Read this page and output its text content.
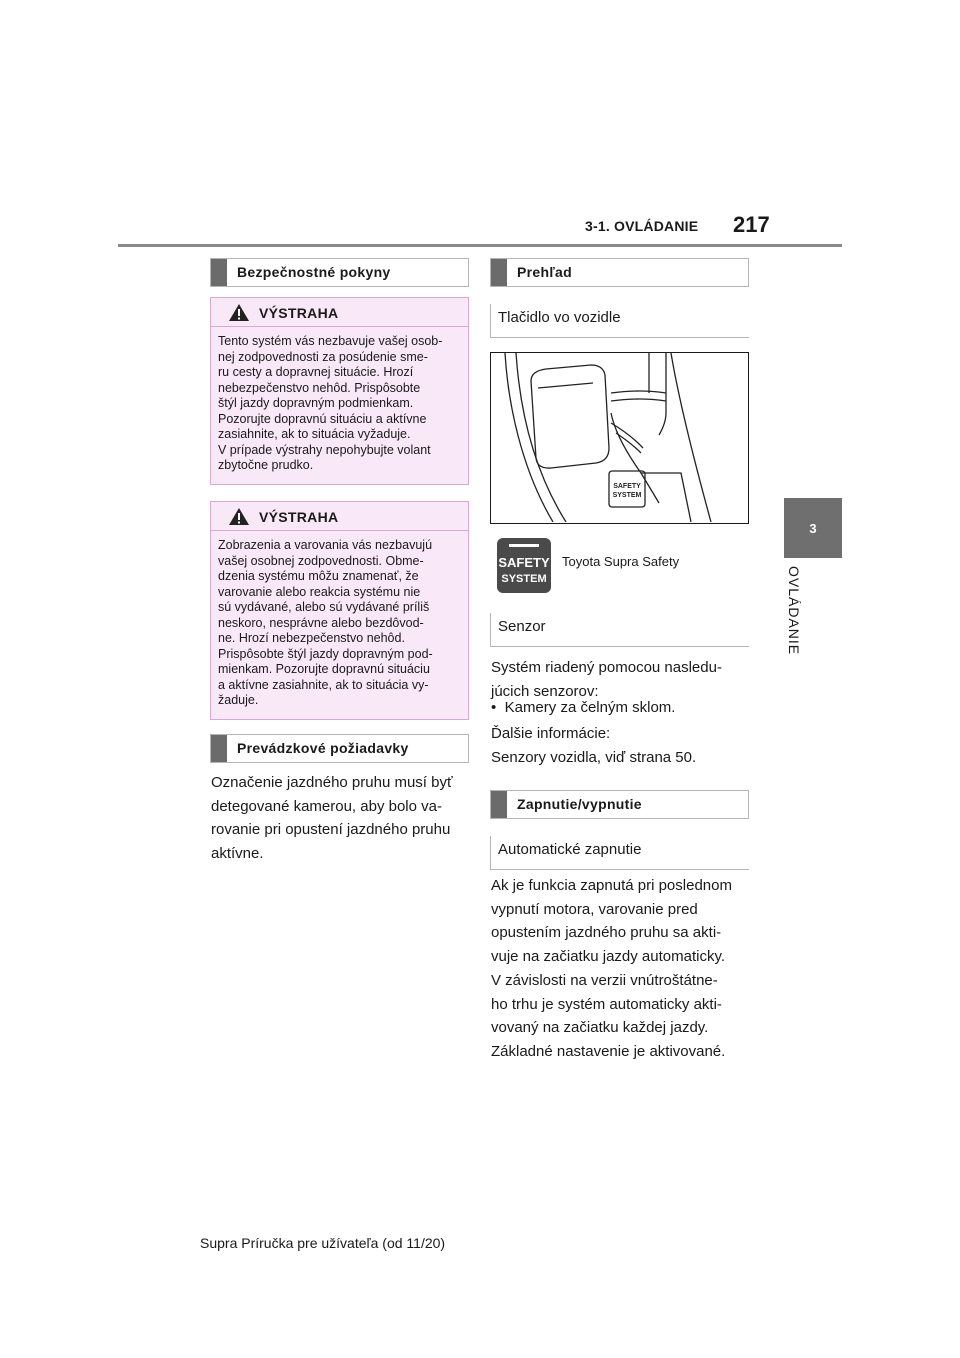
3-1. OVLÁDANIE 217
3
OVLÁDANIE
Bezpečnostné pokyny
VÝSTRAHA
Tento systém vás nezbavuje vašej osob-
nej zodpovednosti za posúdenie sme-
ru cesty a dopravnej situácie. Hrozí
nebezpečenstvo nehôd. Prispôsobte
štýl jazdy dopravným podmienkam.
Pozorujte dopravnú situáciu a aktívne
zasiahnite, ak to situácia vyžaduje.
V prípade výstrahy nepohybujte volant
zbytočne prudko.
VÝSTRAHA
Zobrazenia a varovania vás nezbavujú
vašej osobnej zodpovednosti. Obme-
dzenia systému môžu znamenať, že
varovanie alebo reakcia systému nie
sú vydávané, alebo sú vydávané príliš
neskoro, nesprávne alebo bezdôvod-
ne. Hrozí nebezpečenstvo nehôd.
Prispôsobte štýl jazdy dopravným pod-
mienkam. Pozorujte dopravnú situáciu
a aktívne zasiahnite, ak to situácia vy-
žaduje.
Prevádzkové požiadavky
Označenie jazdného pruhu musí byť
detegované kamerou, aby bolo va-
rovanie pri opustení jazdného pruhu
aktívne.
Prehľad
Tlačidlo vo vozidle
SAFETY
SYSTEM
SAFETY
SYSTEM
Toyota Supra Safety
Senzor
Systém riadený pomocou nasledu-
júcich senzorov:
•  Kamery za čelným sklom.
Ďalšie informácie:
Senzory vozidla, viď strana 50.
Zapnutie/vypnutie
Automatické zapnutie
Ak je funkcia zapnutá pri poslednom
vypnutí motora, varovanie pred
opustením jazdného pruhu sa akti-
vuje na začiatku jazdy automaticky.
V závislosti na verzii vnútroštátne-
ho trhu je systém automaticky akti-
vovaný na začiatku každej jazdy.
Základné nastavenie je aktivované.
Supra Príručka pre užívateľa (od 11/20)
